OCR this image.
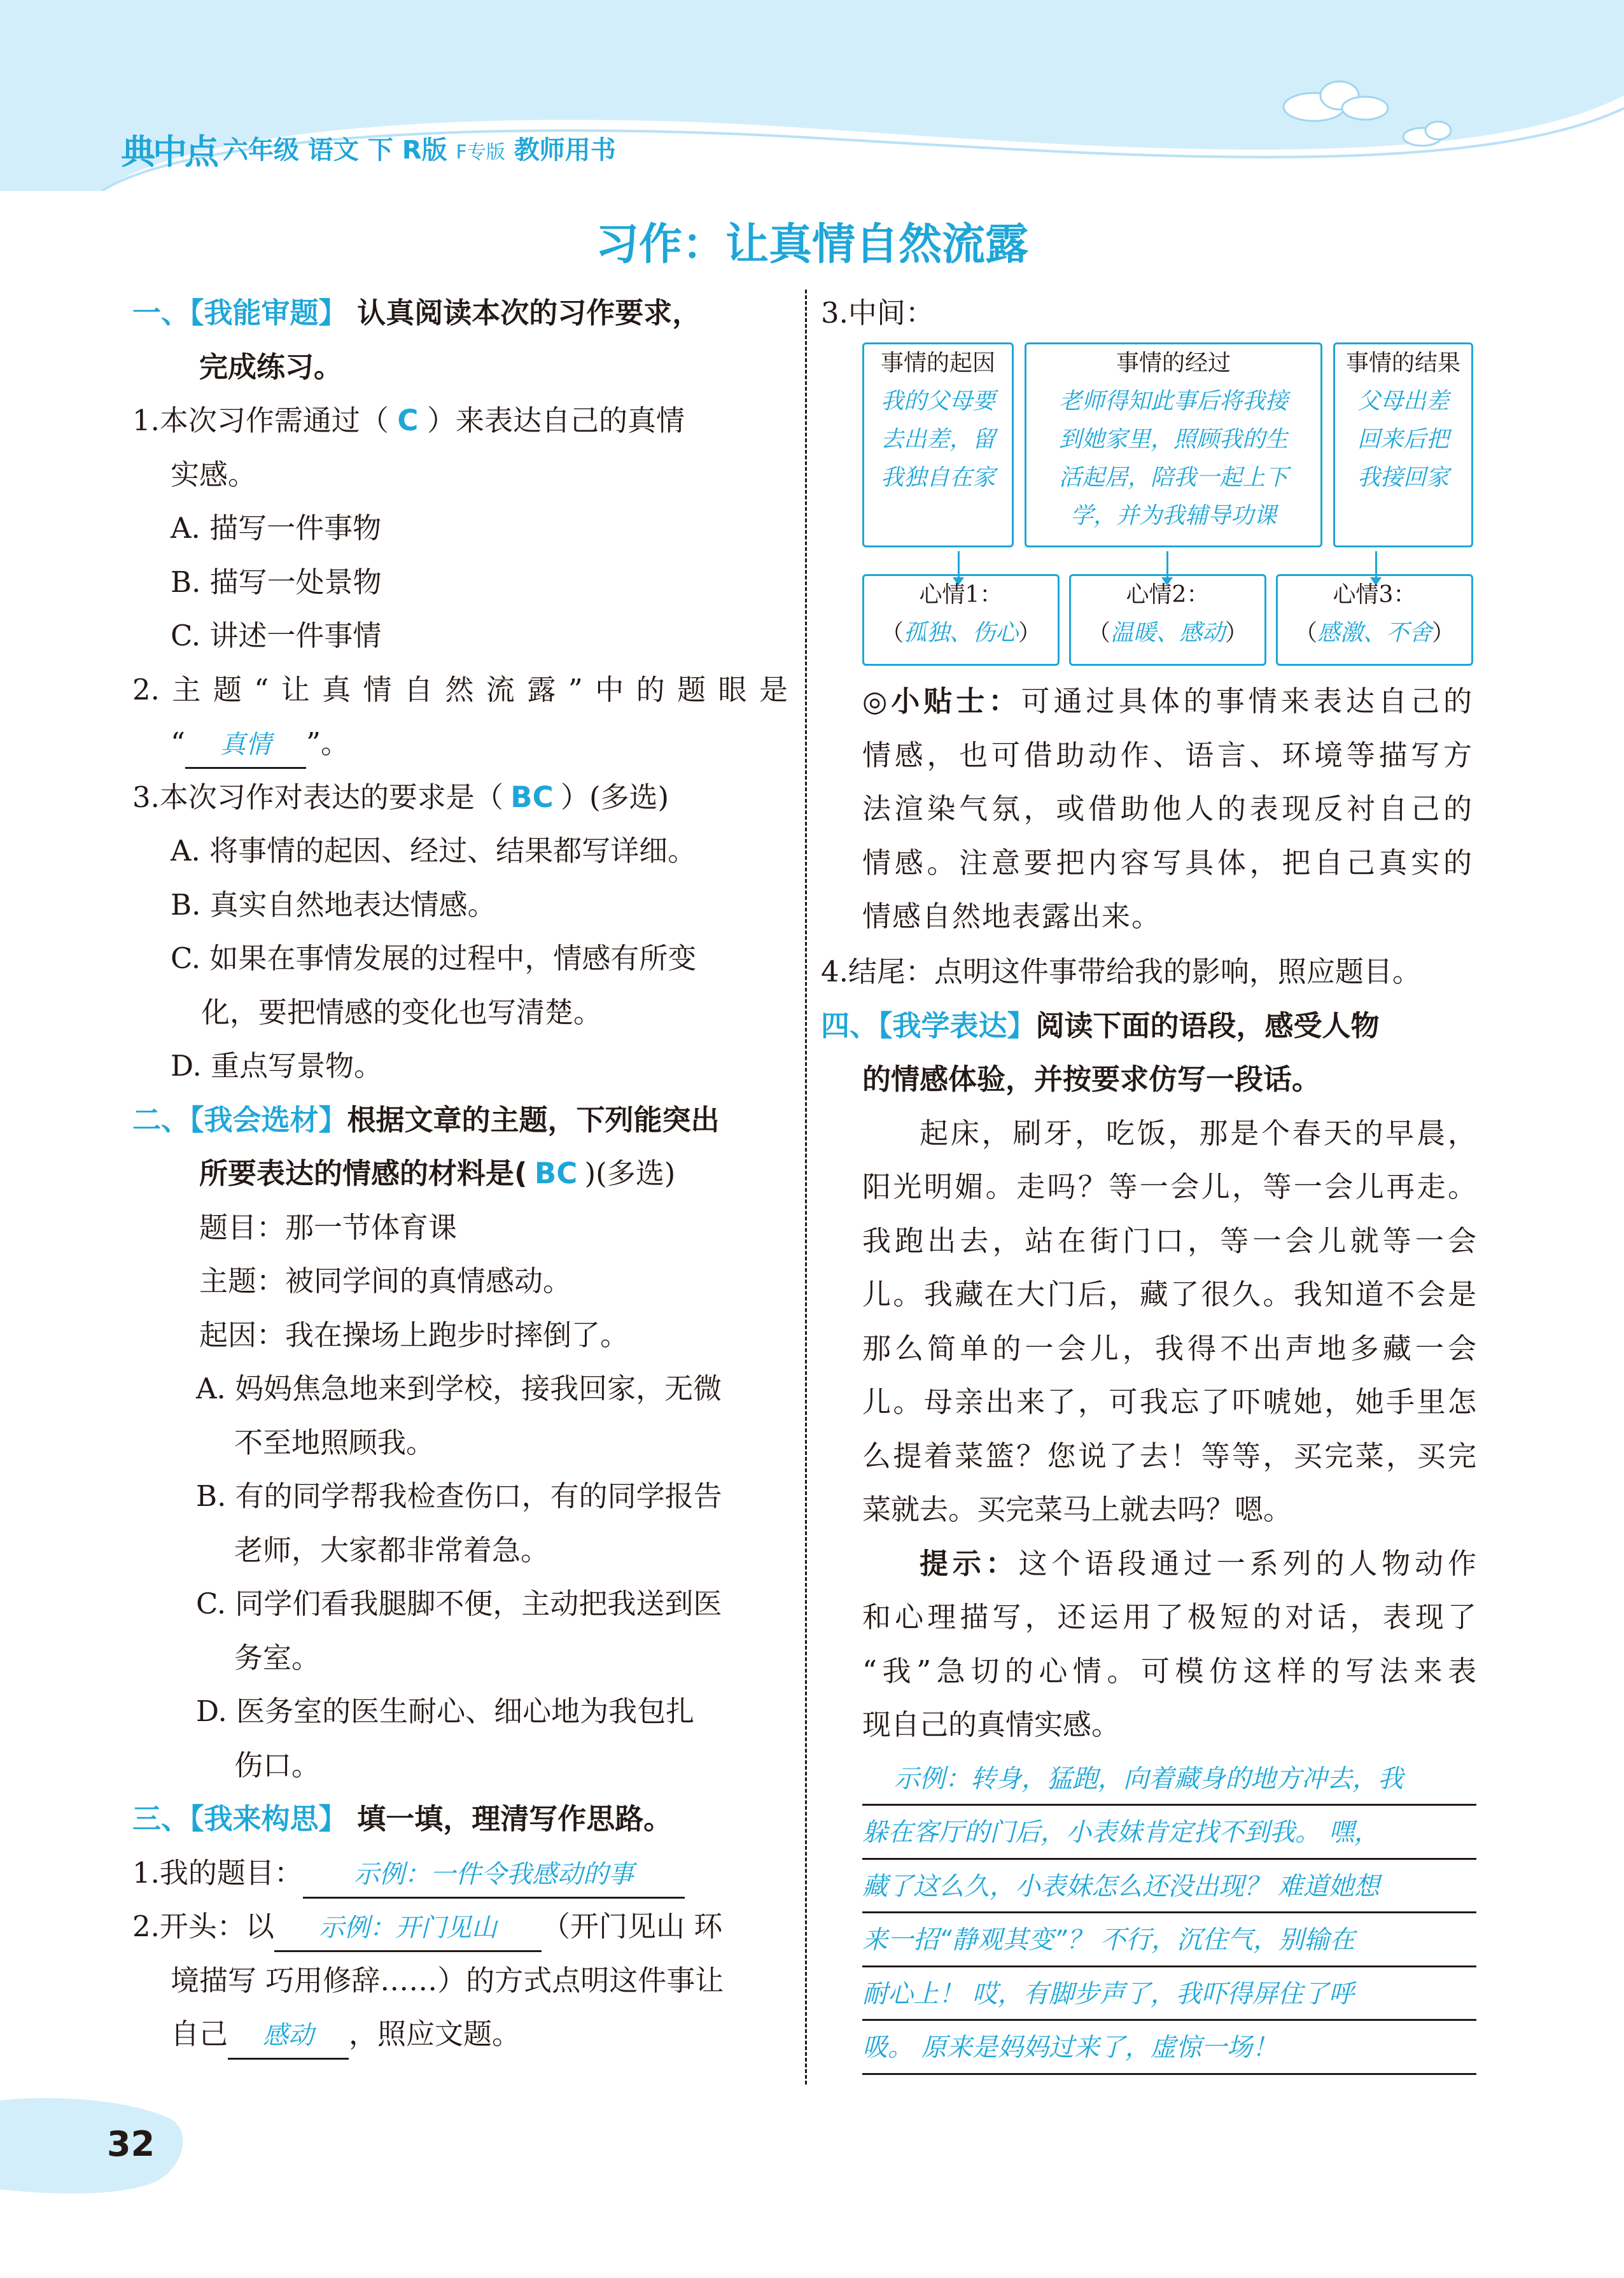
典中点 六年级 语文 下 R版 F专版 教师用书
习作：让真情自然流露
一、【我能审题】 认真阅读本次的习作要求，
完成练习。
1.本次习作需通过（ C ）来表达自己的真情
实感。
A. 描写一件事物
B. 描写一处景物
C. 讲述一件事情
2.主题“让真情自然流露”中的题眼是
“ 真情 ”。
3.本次习作对表达的要求是（ BC ）(多选)
A. 将事情的起因、经过、结果都写详细。
B. 真实自然地表达情感。
C. 如果在事情发展的过程中，情感有所变
化，要把情感的变化也写清楚。
D. 重点写景物。
二、【我会选材】根据文章的主题，下列能突出
所要表达的情感的材料是( BC )(多选)
题目：那一节体育课
主题：被同学间的真情感动。
起因：我在操场上跑步时摔倒了。
A. 妈妈焦急地来到学校，接我回家，无微
不至地照顾我。
B. 有的同学帮我检查伤口，有的同学报告
老师，大家都非常着急。
C. 同学们看我腿脚不便，主动把我送到医
务室。
D. 医务室的医生耐心、细心地为我包扎
伤口。
三、【我来构思】 填一填，理清写作思路。
1.我的题目： 示例：一件令我感动的事
2.开头：以 示例：开门见山 （开门见山 环
境描写 巧用修辞……）的方式点明这件事让
自己 感动 ，照应文题。
3.中间：
事情的起因
我的父母要
去出差，留
我独自在家
事情的经过
老师得知此事后将我接
到她家里，照顾我的生
活起居，陪我一起上下
学，并为我辅导功课
事情的结果
父母出差
回来后把
我接回家
心情1：
（孤独、伤心）
心情2：
（温暖、感动）
心情3：
（感激、不舍）
◎小贴士：可通过具体的事情来表达自己的
情感，也可借助动作、语言、环境等描写方
法渲染气氛，或借助他人的表现反衬自己的
情感。注意要把内容写具体，把自己真实的
情感自然地表露出来。
4.结尾：点明这件事带给我的影响，照应题目。
四、【我学表达】阅读下面的语段，感受人物
的情感体验，并按要求仿写一段话。
起床，刷牙，吃饭，那是个春天的早晨，
阳光明媚。走吗？等一会儿，等一会儿再走。
我跑出去，站在街门口，等一会儿就等一会
儿。我藏在大门后，藏了很久。我知道不会是
那么简单的一会儿，我得不出声地多藏一会
儿。母亲出来了，可我忘了吓唬她，她手里怎
么提着菜篮？您说了去！等等，买完菜，买完
菜就去。买完菜马上就去吗？嗯。
提示：这个语段通过一系列的人物动作
和心理描写，还运用了极短的对话，表现了
“我”急切的心情。可模仿这样的写法来表
现自己的真情实感。
示例：转身，猛跑，向着藏身的地方冲去，我
躲在客厅的门后，小表妹肯定找不到我。 嘿，
藏了这么久，小表妹怎么还没出现？ 难道她想
来一招“静观其变”？ 不行，沉住气，别输在
耐心上！ 哎，有脚步声了，我吓得屏住了呼
吸。 原来是妈妈过来了，虚惊一场！
32
